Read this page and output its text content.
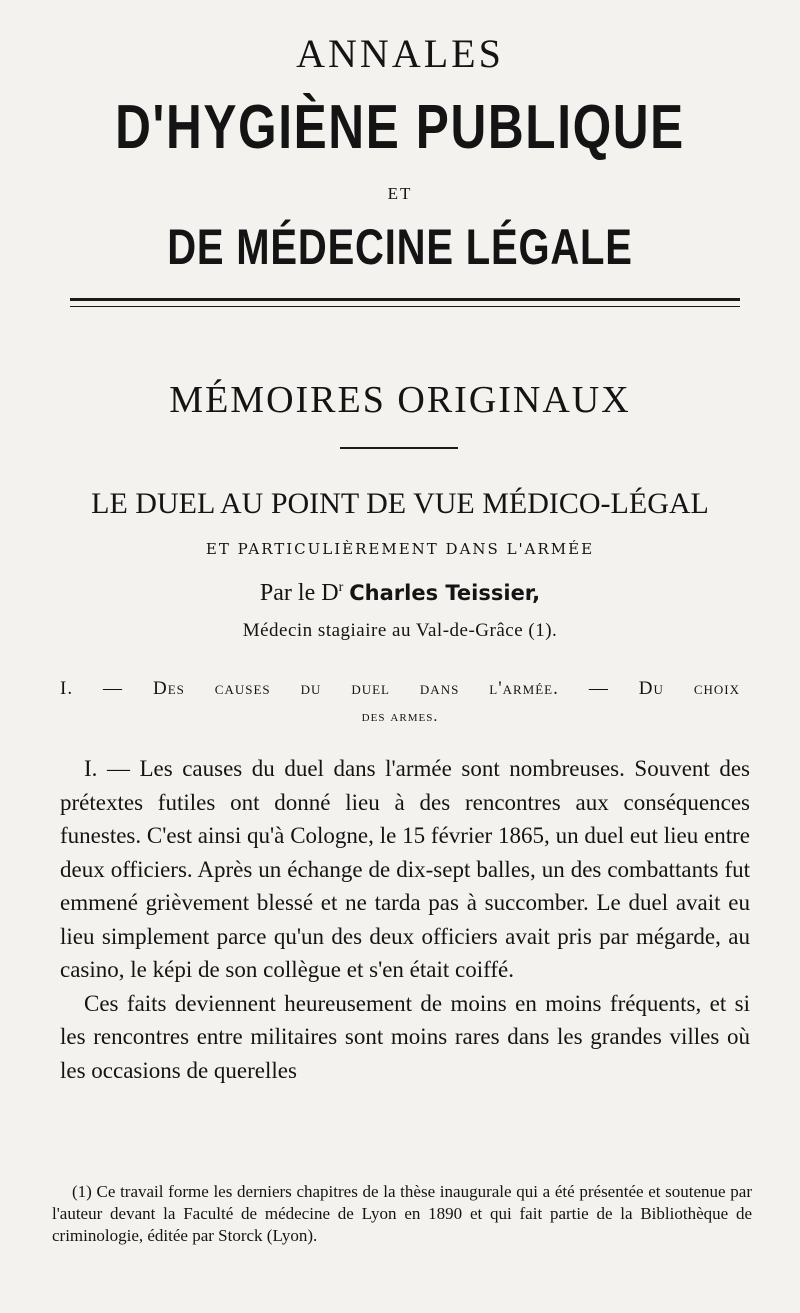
ANNALES
D'HYGIÈNE PUBLIQUE
ET
DE MÉDECINE LÉGALE
MÉMOIRES ORIGINAUX
LE DUEL AU POINT DE VUE MÉDICO-LÉGAL
ET PARTICULIÈREMENT DANS L'ARMÉE
Par le $D^r$ Charles Teissier,
Médecin stagiaire au Val-de-Grâce (1).
I. — Des causes du duel dans l'armée. — Du choix
des armes.

I. — Les causes du duel dans l'armée sont nombreuses. Souvent des prétextes futiles ont donné lieu à des rencontres aux conséquences funestes. C'est ainsi qu'à Cologne, le 15 février 1865, un duel eut lieu entre deux officiers. Après un échange de dix-sept balles, un des combattants fut emmené grièvement blessé et ne tarda pas à succomber. Le duel avait eu lieu simplement parce qu'un des deux officiers avait pris par mégarde, au casino, le képi de son collègue et s'en était coiffé.

Ces faits deviennent heureusement de moins en moins fréquents, et si les rencontres entre militaires sont moins rares dans les grandes villes où les occasions de querelles

(1) Ce travail forme les derniers chapitres de la thèse inaugurale qui a été présentée et soutenue par l'auteur devant la Faculté de médecine de Lyon en 1890 et qui fait partie de la Bibliothèque de criminologie, éditée par Storck (Lyon).
